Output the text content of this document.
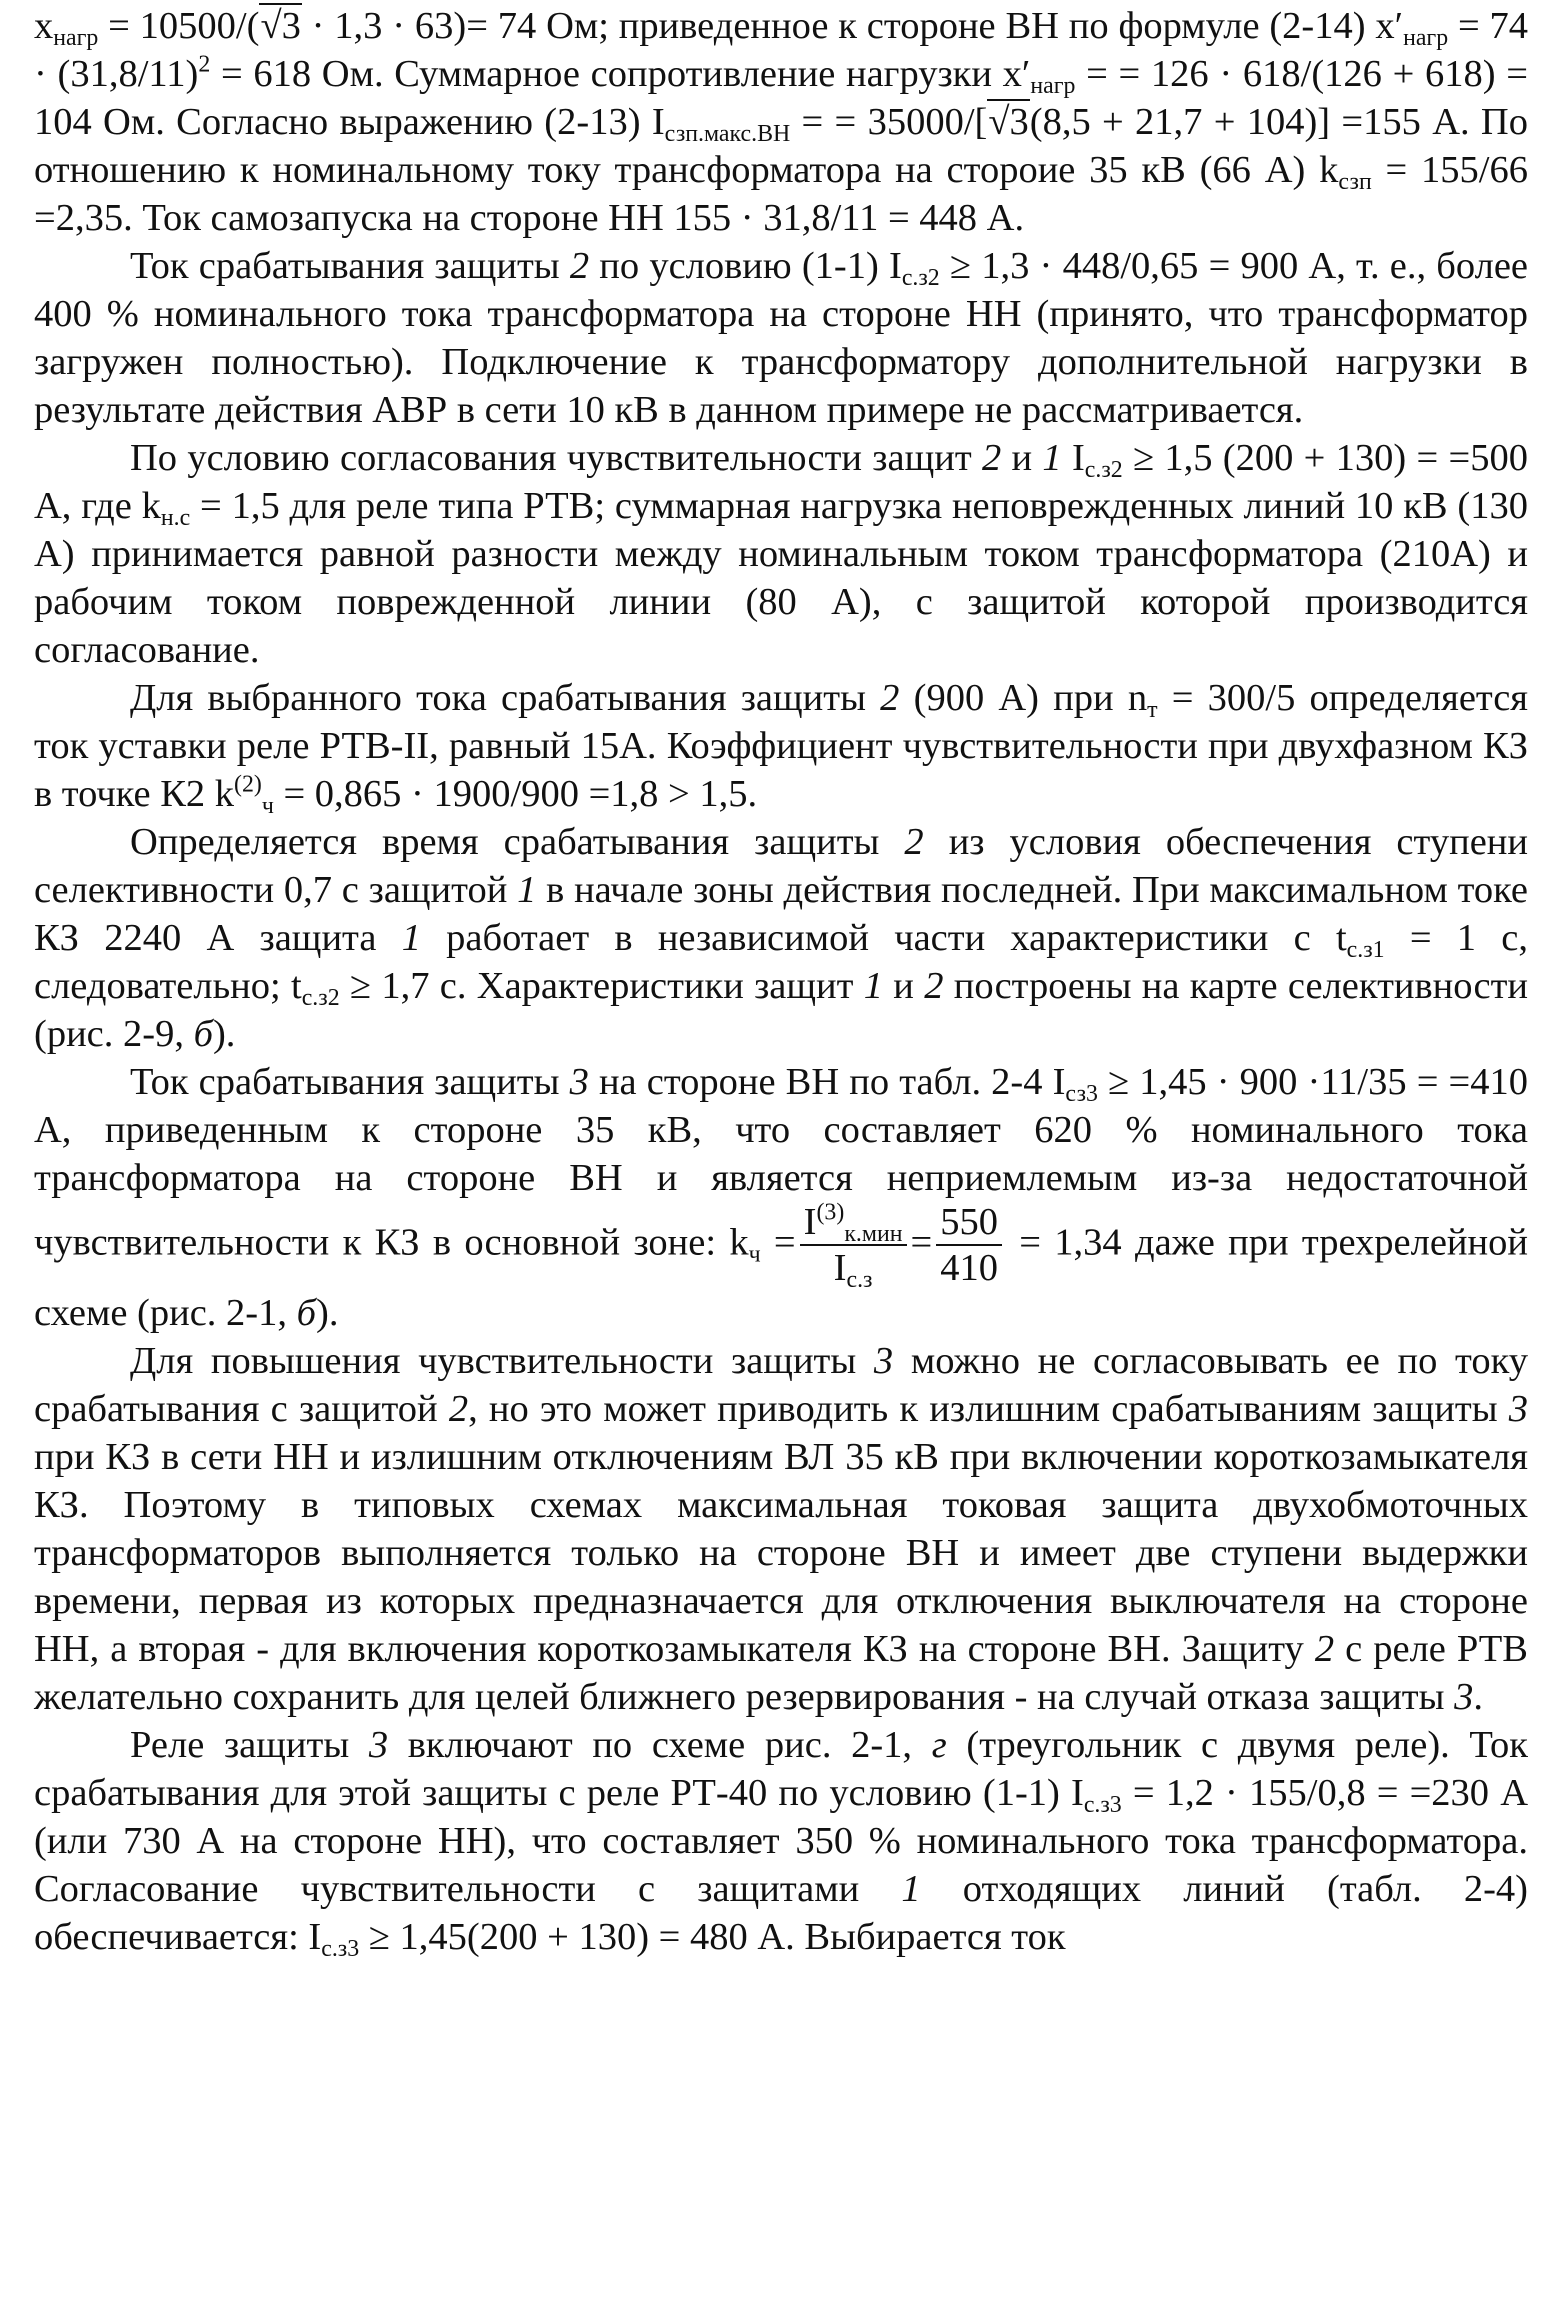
$x_{нагр} = 10500/(√3 \cdot 1,3 \cdot 63)= 74$ Ом; приведенное к стороне ВН по формуле (2-14) $x'_{нагр} = 74 \cdot (31,8/11)^2 = 618$ Ом. Суммарное сопротивление нагрузки $x'_{нагр}$ = = 126 · 618/(126 + 618) = 104 Ом. Согласно выражению (2-13) $I_{сзп.макс.ВН}$ = = 35000/[√3(8,5 + 21,7 + 104)] =155 А. По отношению к номинальному току трансформатора на стороие 35 кВ (66 А) $k_{сзп} = 155/66 =2,35$. Ток самозапуска на стороне НН 155 · 31,8/11 = 448 А.

Ток срабатывания защиты 2 по условию (1-1) $I_{с.з2} \ge 1,3 \cdot 448/0,65 = 900$ А, т. е., более 400 % номинального тока трансформатора на стороне НН (принято, что трансформатор загружен полностью). Подключение к трансформатору дополнительной нагрузки в результате действия АВР в сети 10 кВ в данном примере не рассматривается.

По условию согласования чувствительности защит 2 и 1 $I_{с.з2} \ge 1,5$ (200 + 130) = =500 А, где $k_{н.с} = 1,5$ для реле типа РТВ; суммарная нагрузка неповрежденных линий 10 кВ (130 А) принимается равной разности между номинальным током трансформатора (210А) и рабочим током поврежденной линии (80 А), с защитой которой производится согласование.

Для выбранного тока срабатывания защиты 2 (900 А) при $n_т = 300/5$ определяется ток уставки реле РТВ-II, равный 15А. Коэффициент чувствительности при двухфазном КЗ в точке К2 $k^{(2)}_ч = 0,865 \cdot 1900/900 =1,8 > 1,5$.

Определяется время срабатывания защиты 2 из условия обеспечения ступени селективности 0,7 с защитой 1 в начале зоны действия последней. При максимальном токе КЗ 2240 А защита 1 работает в независимой части характеристики с $t_{с.з1} = 1$ с, следовательно; $t_{с.з2} \ge 1,7$ с. Характеристики защит 1 и 2 построены на карте селективности (рис. 2-9, б).

Ток срабатывания защиты 3 на стороне ВН по табл. 2-4 $I_{сз3} \ge 1,45 \cdot 900 \cdot 11/35 = =410$ А, приведенным к стороне 35 кВ, что составляет 620 % номинального тока трансформатора на стороне ВН и является неприемлемым из-за недостаточной чувствительности к КЗ в основной зоне: $k_ч = \frac{I^{(3)}_{к.мин}}{I_{с.з}} = \frac{550}{410} = 1,34$ даже при трехрелейной схеме (рис. 2-1, б).

Для повышения чувствительности защиты 3 можно не согласовывать ее по току срабатывания с защитой 2, но это может приводить к излишним срабатываниям защиты 3 при КЗ в сети НН и излишним отключениям ВЛ 35 кВ при включении короткозамыкателя КЗ. Поэтому в типовых схемах максимальная токовая защита двухобмоточных трансформаторов выполняется только на стороне ВН и имеет две ступени выдержки времени, первая из которых предназначается для отключения выключателя на стороне НН, а вторая - для включения короткозамыкателя КЗ на стороне ВН. Защиту 2 с реле РТВ желательно сохранить для целей ближнего резервирования - на случай отказа защиты 3.

Реле защиты 3 включают по схеме рис. 2-1, г (треугольник с двумя реле). Ток срабатывания для этой защиты с реле РТ-40 по условию (1-1) $I_{с.з3} = 1,2 \cdot 155/0,8 = =230$ А (или 730 А на стороне НН), что составляет 350 % номинального тока трансформатора. Согласование чувствительности с защитами 1 отходящих линий (табл. 2-4) обеспечивается: $I_{с.з3} \ge 1,45(200 + 130) = 480$ А. Выбирается ток
